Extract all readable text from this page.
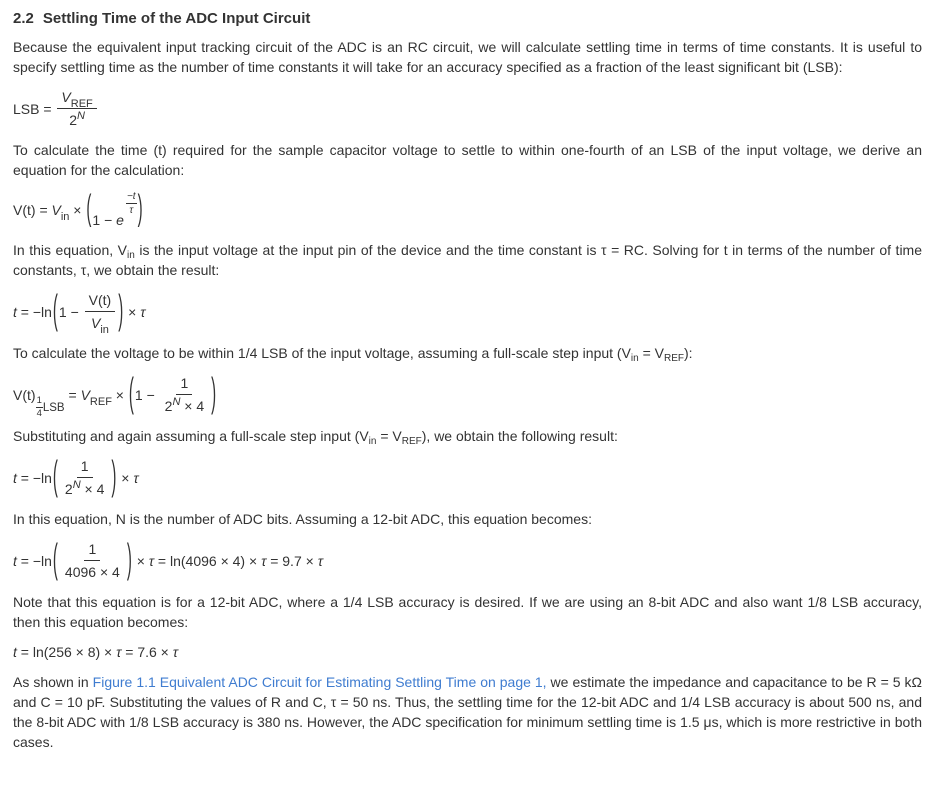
2.2 Settling Time of the ADC Input Circuit

Because the equivalent input tracking circuit of the ADC is an RC circuit, we will calculate settling time in terms of time constants. It is useful to specify settling time as the number of time constants it will take for an accuracy specified as a fraction of the least significant bit (LSB):

LSB = $\frac{V_{REF}}{2^N}$

To calculate the time (t) required for the sample capacitor voltage to settle to within one-fourth of an LSB of the input voltage, we derive an equation for the calculation:

$V(t) = V_{in}$ × ( 1 − e
$\frac{-t}{\tau}$ )

In this equation, $V_{in}$ is the input voltage at the input pin of the device and the time constant is τ = RC. Solving for t in terms of the number of time constants, τ, we obtain the result:

t = −ln ( $1 - \frac{V(t)}{V_{in}}$ ) × τ

To calculate the voltage to be within 1/4 LSB of the input voltage, assuming a full-scale step input $(V_{in} = V_{REF})$:

V(t)
$\frac{1}{4}$ LSB
= $V_{REF}$ × ( $1 - \frac{1}{2^N \times 4}$ )

Substituting and again assuming a full-scale step input $(V_{in} = V_{REF})$, we obtain the following result:

t = −ln ( $\frac{1}{2^N \times 4}$ ) × τ

In this equation, N is the number of ADC bits. Assuming a 12-bit ADC, this equation becomes:

t = −ln ( $\frac{1}{4096 \times 4}$ ) × τ = ln(4096 × 4) × τ = 9.7 × τ

Note that this equation is for a 12-bit ADC, where a 1/4 LSB accuracy is desired. If we are using an 8-bit ADC and also want 1/8 LSB accuracy, then this equation becomes:

t = ln(256 × 8) × τ = 7.6 × τ

As shown in Figure 1.1 Equivalent ADC Circuit for Estimating Settling Time on page 1, we estimate the impedance and capacitance to be R = 5 kΩ and C = 10 pF. Substituting the values of R and C, τ = 50 ns. Thus, the settling time for the 12-bit ADC and 1/4 LSB accuracy is about 500 ns, and the 8-bit ADC with 1/8 LSB accuracy is 380 ns. However, the ADC specification for minimum settling time is 1.5 μs, which is more restrictive in both cases.
